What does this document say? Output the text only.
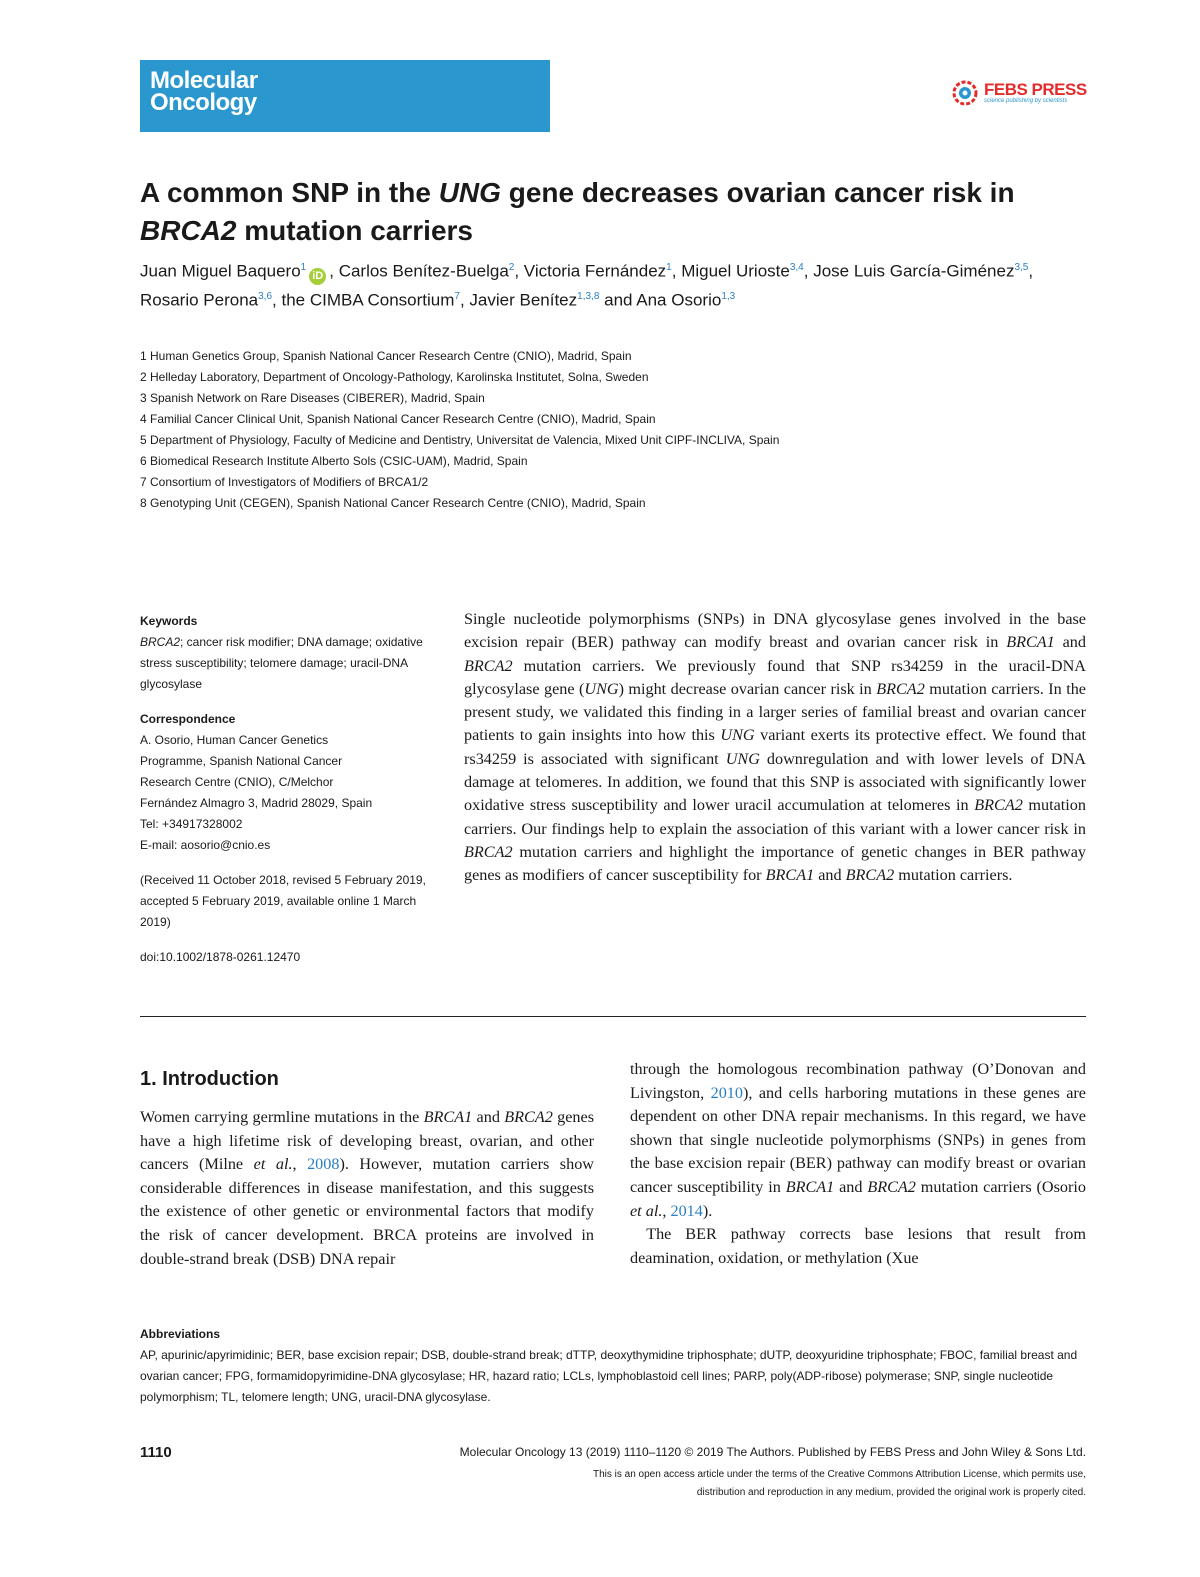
Molecular
Oncology	FEBS PRESS
science publishing by scientists
A common SNP in the UNG gene decreases ovarian cancer risk in BRCA2 mutation carriers
Juan Miguel Baquero$^1$iD , Carlos Benítez-Buelga$^2$, Victoria Fernández$^1$, Miguel Urioste$^{3,4}$, Jose Luis García-Giménez$^{3,5}$, Rosario Perona$^{3,6}$, the CIMBA Consortium$^7$, Javier Benítez$^{1,3,8}$ and Ana Osorio$^{1,3}$
1 Human Genetics Group, Spanish National Cancer Research Centre (CNIO), Madrid, Spain
2 Helleday Laboratory, Department of Oncology-Pathology, Karolinska Institutet, Solna, Sweden
3 Spanish Network on Rare Diseases (CIBERER), Madrid, Spain
4 Familial Cancer Clinical Unit, Spanish National Cancer Research Centre (CNIO), Madrid, Spain
5 Department of Physiology, Faculty of Medicine and Dentistry, Universitat de Valencia, Mixed Unit CIPF-INCLIVA, Spain
6 Biomedical Research Institute Alberto Sols (CSIC-UAM), Madrid, Spain
7 Consortium of Investigators of Modifiers of BRCA1/2
8 Genotyping Unit (CEGEN), Spanish National Cancer Research Centre (CNIO), Madrid, Spain
Keywords

BRCA2; cancer risk modifier; DNA damage; oxidative stress susceptibility; telomere damage; uracil-DNA glycosylase

Correspondence
A. Osorio, Human Cancer Genetics
Programme, Spanish National Cancer
Research Centre (CNIO), C/Melchor
Fernández Almagro 3, Madrid 28029, Spain
Tel: +34917328002
E-mail: aosorio@cnio.es

(Received 11 October 2018, revised 5 February 2019, accepted 5 February 2019, available online 1 March 2019)

doi:10.1002/1878-0261.12470

Single nucleotide polymorphisms (SNPs) in DNA glycosylase genes involved in the base excision repair (BER) pathway can modify breast and ovarian cancer risk in BRCA1 and BRCA2 mutation carriers. We previously found that SNP rs34259 in the uracil-DNA glycosylase gene (UNG) might decrease ovarian cancer risk in BRCA2 mutation carriers. In the present study, we validated this finding in a larger series of familial breast and ovarian cancer patients to gain insights into how this UNG variant exerts its protective effect. We found that rs34259 is associated with significant UNG downregulation and with lower levels of DNA damage at telomeres. In addition, we found that this SNP is associated with significantly lower oxidative stress susceptibility and lower uracil accumulation at telomeres in BRCA2 mutation carriers. Our findings help to explain the association of this variant with a lower cancer risk in BRCA2 mutation carriers and highlight the importance of genetic changes in BER pathway genes as modifiers of cancer susceptibility for BRCA1 and BRCA2 mutation carriers.

1. Introduction

Women carrying germline mutations in the BRCA1 and BRCA2 genes have a high lifetime risk of developing breast, ovarian, and other cancers (Milne et al., 2008). However, mutation carriers show considerable differences in disease manifestation, and this suggests the existence of other genetic or environmental factors that modify the risk of cancer development. BRCA proteins are involved in double-strand break (DSB) DNA repair

through the homologous recombination pathway (O’Donovan and Livingston, 2010), and cells harboring mutations in these genes are dependent on other DNA repair mechanisms. In this regard, we have shown that single nucleotide polymorphisms (SNPs) in genes from the base excision repair (BER) pathway can modify breast or ovarian cancer susceptibility in BRCA1 and BRCA2 mutation carriers (Osorio et al., 2014).
 The BER pathway corrects base lesions that result from deamination, oxidation, or methylation (Xue

Abbreviations
AP, apurinic/apyrimidinic; BER, base excision repair; DSB, double-strand break; dTTP, deoxythymidine triphosphate; dUTP, deoxyuridine triphosphate; FBOC, familial breast and ovarian cancer; FPG, formamidopyrimidine-DNA glycosylase; HR, hazard ratio; LCLs, lymphoblastoid cell lines; PARP, poly(ADP-ribose) polymerase; SNP, single nucleotide polymorphism; TL, telomere length; UNG, uracil-DNA glycosylase.
1110	Molecular Oncology 13 (2019) 1110–1120 © 2019 The Authors. Published by FEBS Press and John Wiley & Sons Ltd.
This is an open access article under the terms of the Creative Commons Attribution License, which permits use,
distribution and reproduction in any medium, provided the original work is properly cited.
